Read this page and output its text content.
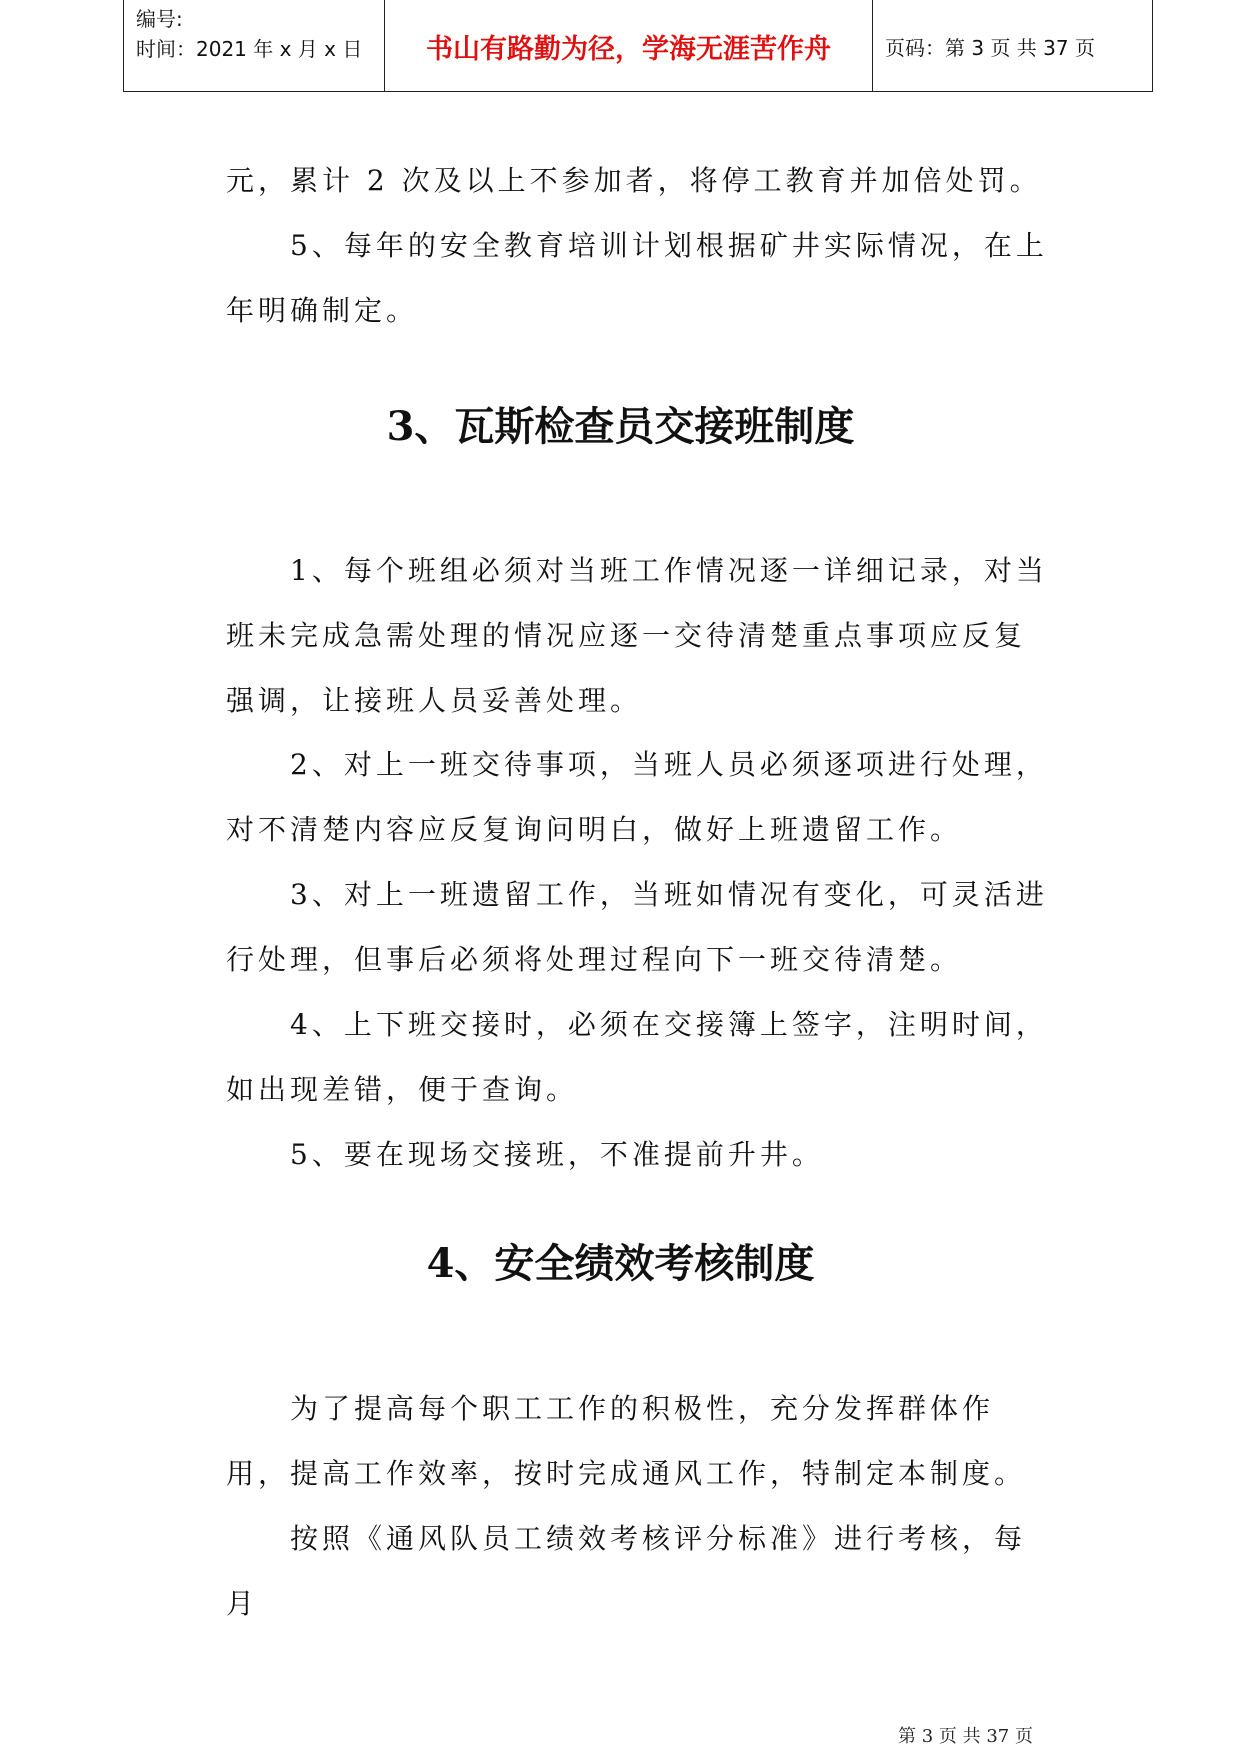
编号:
时间：2021 年 x 月 x 日	书山有路勤为径，学海无涯苦作舟	页码：第 3 页 共 37 页

元，累计 2 次及以上不参加者，将停工教育并加倍处罚。

5、每年的安全教育培训计划根据矿井实际情况，在上年明确制定。

3、瓦斯检查员交接班制度

1、每个班组必须对当班工作情况逐一详细记录，对当班未完成急需处理的情况应逐一交待清楚重点事项应反复强调，让接班人员妥善处理。

2、对上一班交待事项，当班人员必须逐项进行处理，对不清楚内容应反复询问明白，做好上班遗留工作。

3、对上一班遗留工作，当班如情况有变化，可灵活进行处理，但事后必须将处理过程向下一班交待清楚。

4、上下班交接时，必须在交接簿上签字，注明时间，如出现差错，便于查询。

5、要在现场交接班，不准提前升井。

4、安全绩效考核制度

为了提高每个职工工作的积极性，充分发挥群体作用，提高工作效率，按时完成通风工作，特制定本制度。

按照《通风队员工绩效考核评分标准》进行考核，每月

第 3 页 共 37 页
